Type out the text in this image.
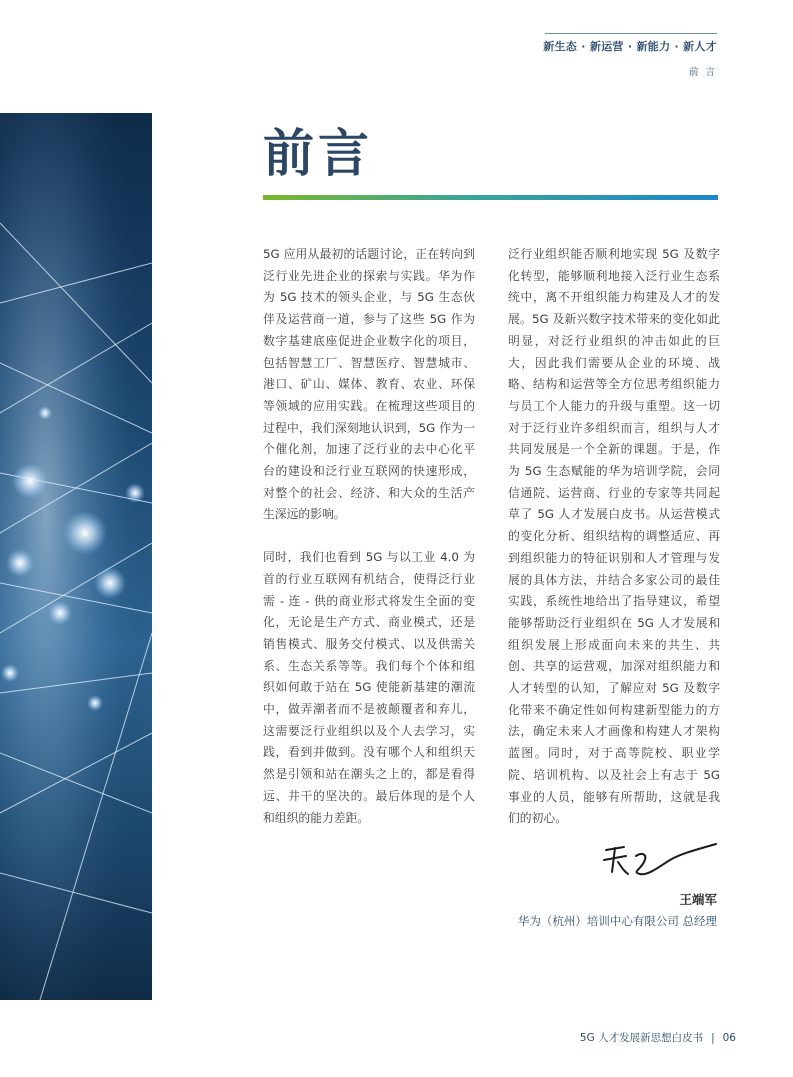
新生态 · 新运营 · 新能力 · 新人才
前 言
前言

5G 应用从最初的话题讨论，正在转向到泛行业先进企业的探索与实践。华为作为 5G 技术的领头企业，与 5G 生态伙伴及运营商一道，参与了这些 5G 作为数字基建底座促进企业数字化的项目，包括智慧工厂、智慧医疗、智慧城市、港口、矿山、媒体、教育、农业、环保等领域的应用实践。在梳理这些项目的过程中，我们深刻地认识到，5G 作为一个催化剂，加速了泛行业的去中心化平台的建设和泛行业互联网的快速形成，对整个的社会、经济、和大众的生活产生深远的影响。

同时，我们也看到 5G 与以工业 4.0 为首的行业互联网有机结合，使得泛行业需 - 连 - 供的商业形式将发生全面的变化，无论是生产方式、商业模式，还是销售模式、服务交付模式、以及供需关系、生态关系等等。我们每个个体和组织如何敢于站在 5G 使能新基建的潮流中，做弄潮者而不是被颠覆者和弃儿，这需要泛行业组织以及个人去学习，实践，看到并做到。没有哪个人和组织天然是引领和站在潮头之上的，都是看得远、井干的坚决的。最后体现的是个人和组织的能力差距。

泛行业组织能否顺利地实现 5G 及数字化转型，能够顺利地接入泛行业生态系统中，离不开组织能力构建及人才的发展。5G 及新兴数字技术带来的变化如此明显，对泛行业组织的冲击如此的巨大，因此我们需要从企业的环境、战略、结构和运营等全方位思考组织能力与员工个人能力的升级与重塑。这一切对于泛行业许多组织而言，组织与人才共同发展是一个全新的课题。于是，作为 5G 生态赋能的华为培训学院，会同信通院、运营商、行业的专家等共同起草了 5G 人才发展白皮书。从运营模式的变化分析、组织结构的调整适应、再到组织能力的特征识别和人才管理与发展的具体方法，并结合多家公司的最佳实践，系统性地给出了指导建议，希望能够帮助泛行业组织在 5G 人才发展和组织发展上形成面向未来的共生、共创、共享的运营观，加深对组织能力和人才转型的认知，了解应对 5G 及数字化带来不确定性如何构建新型能力的方法，确定未来人才画像和构建人才架构蓝图。同时，对于高等院校、职业学院、培训机构、以及社会上有志于 5G 事业的人员，能够有所帮助，这就是我们的初心。

王端军
华为（杭州）培训中心有限公司 总经理
5G 人才发展新思想白皮书 | 06
